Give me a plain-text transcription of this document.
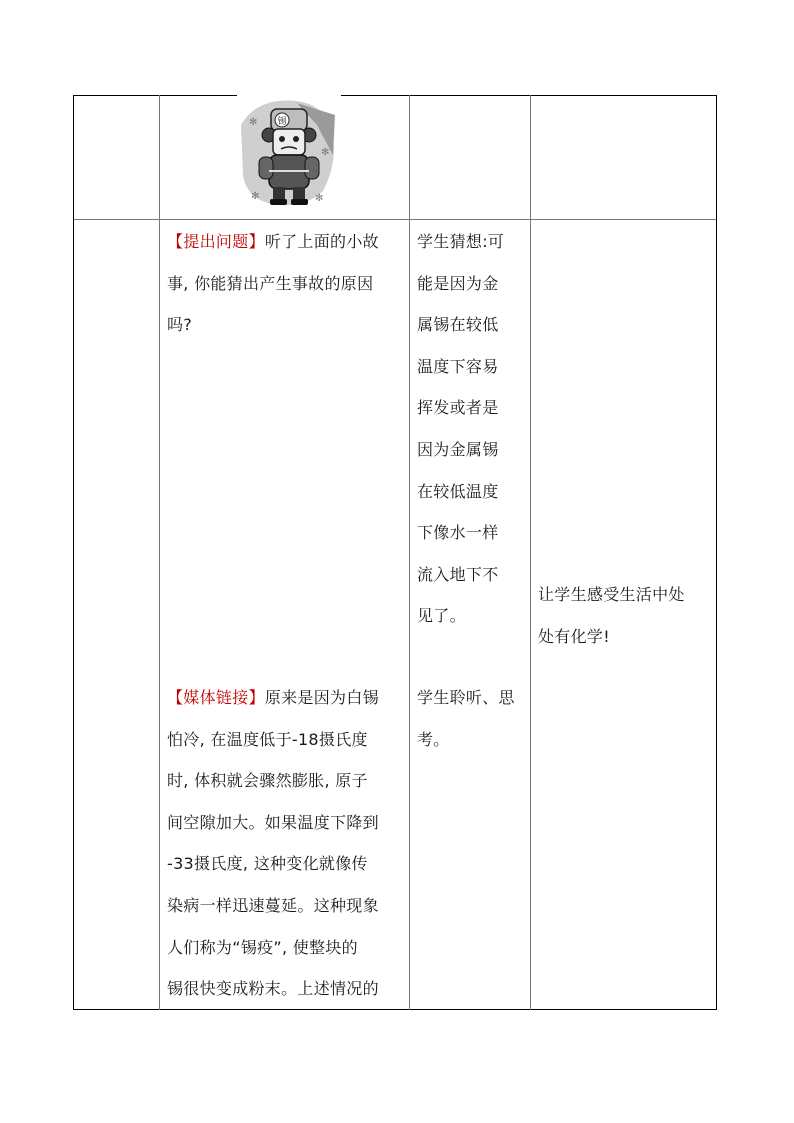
✻
✻
✻	✻
锡
【提出问题】听了上面的小故
事, 你能猜出产生事故的原因
吗?
【媒体链接】原来是因为白锡
怕冷, 在温度低于-18摄氏度
时, 体积就会骤然膨胀, 原子
间空隙加大。如果温度下降到
-33摄氏度, 这种变化就像传
染病一样迅速蔓延。这种现象
人们称为“锡疫”, 使整块的
锡很快变成粉末。上述情况的
学生猜想:可
能是因为金
属锡在较低
温度下容易
挥发或者是
因为金属锡
在较低温度
下像水一样
流入地下不
见了。
学生聆听、思
考。
让学生感受生活中处
处有化学!
